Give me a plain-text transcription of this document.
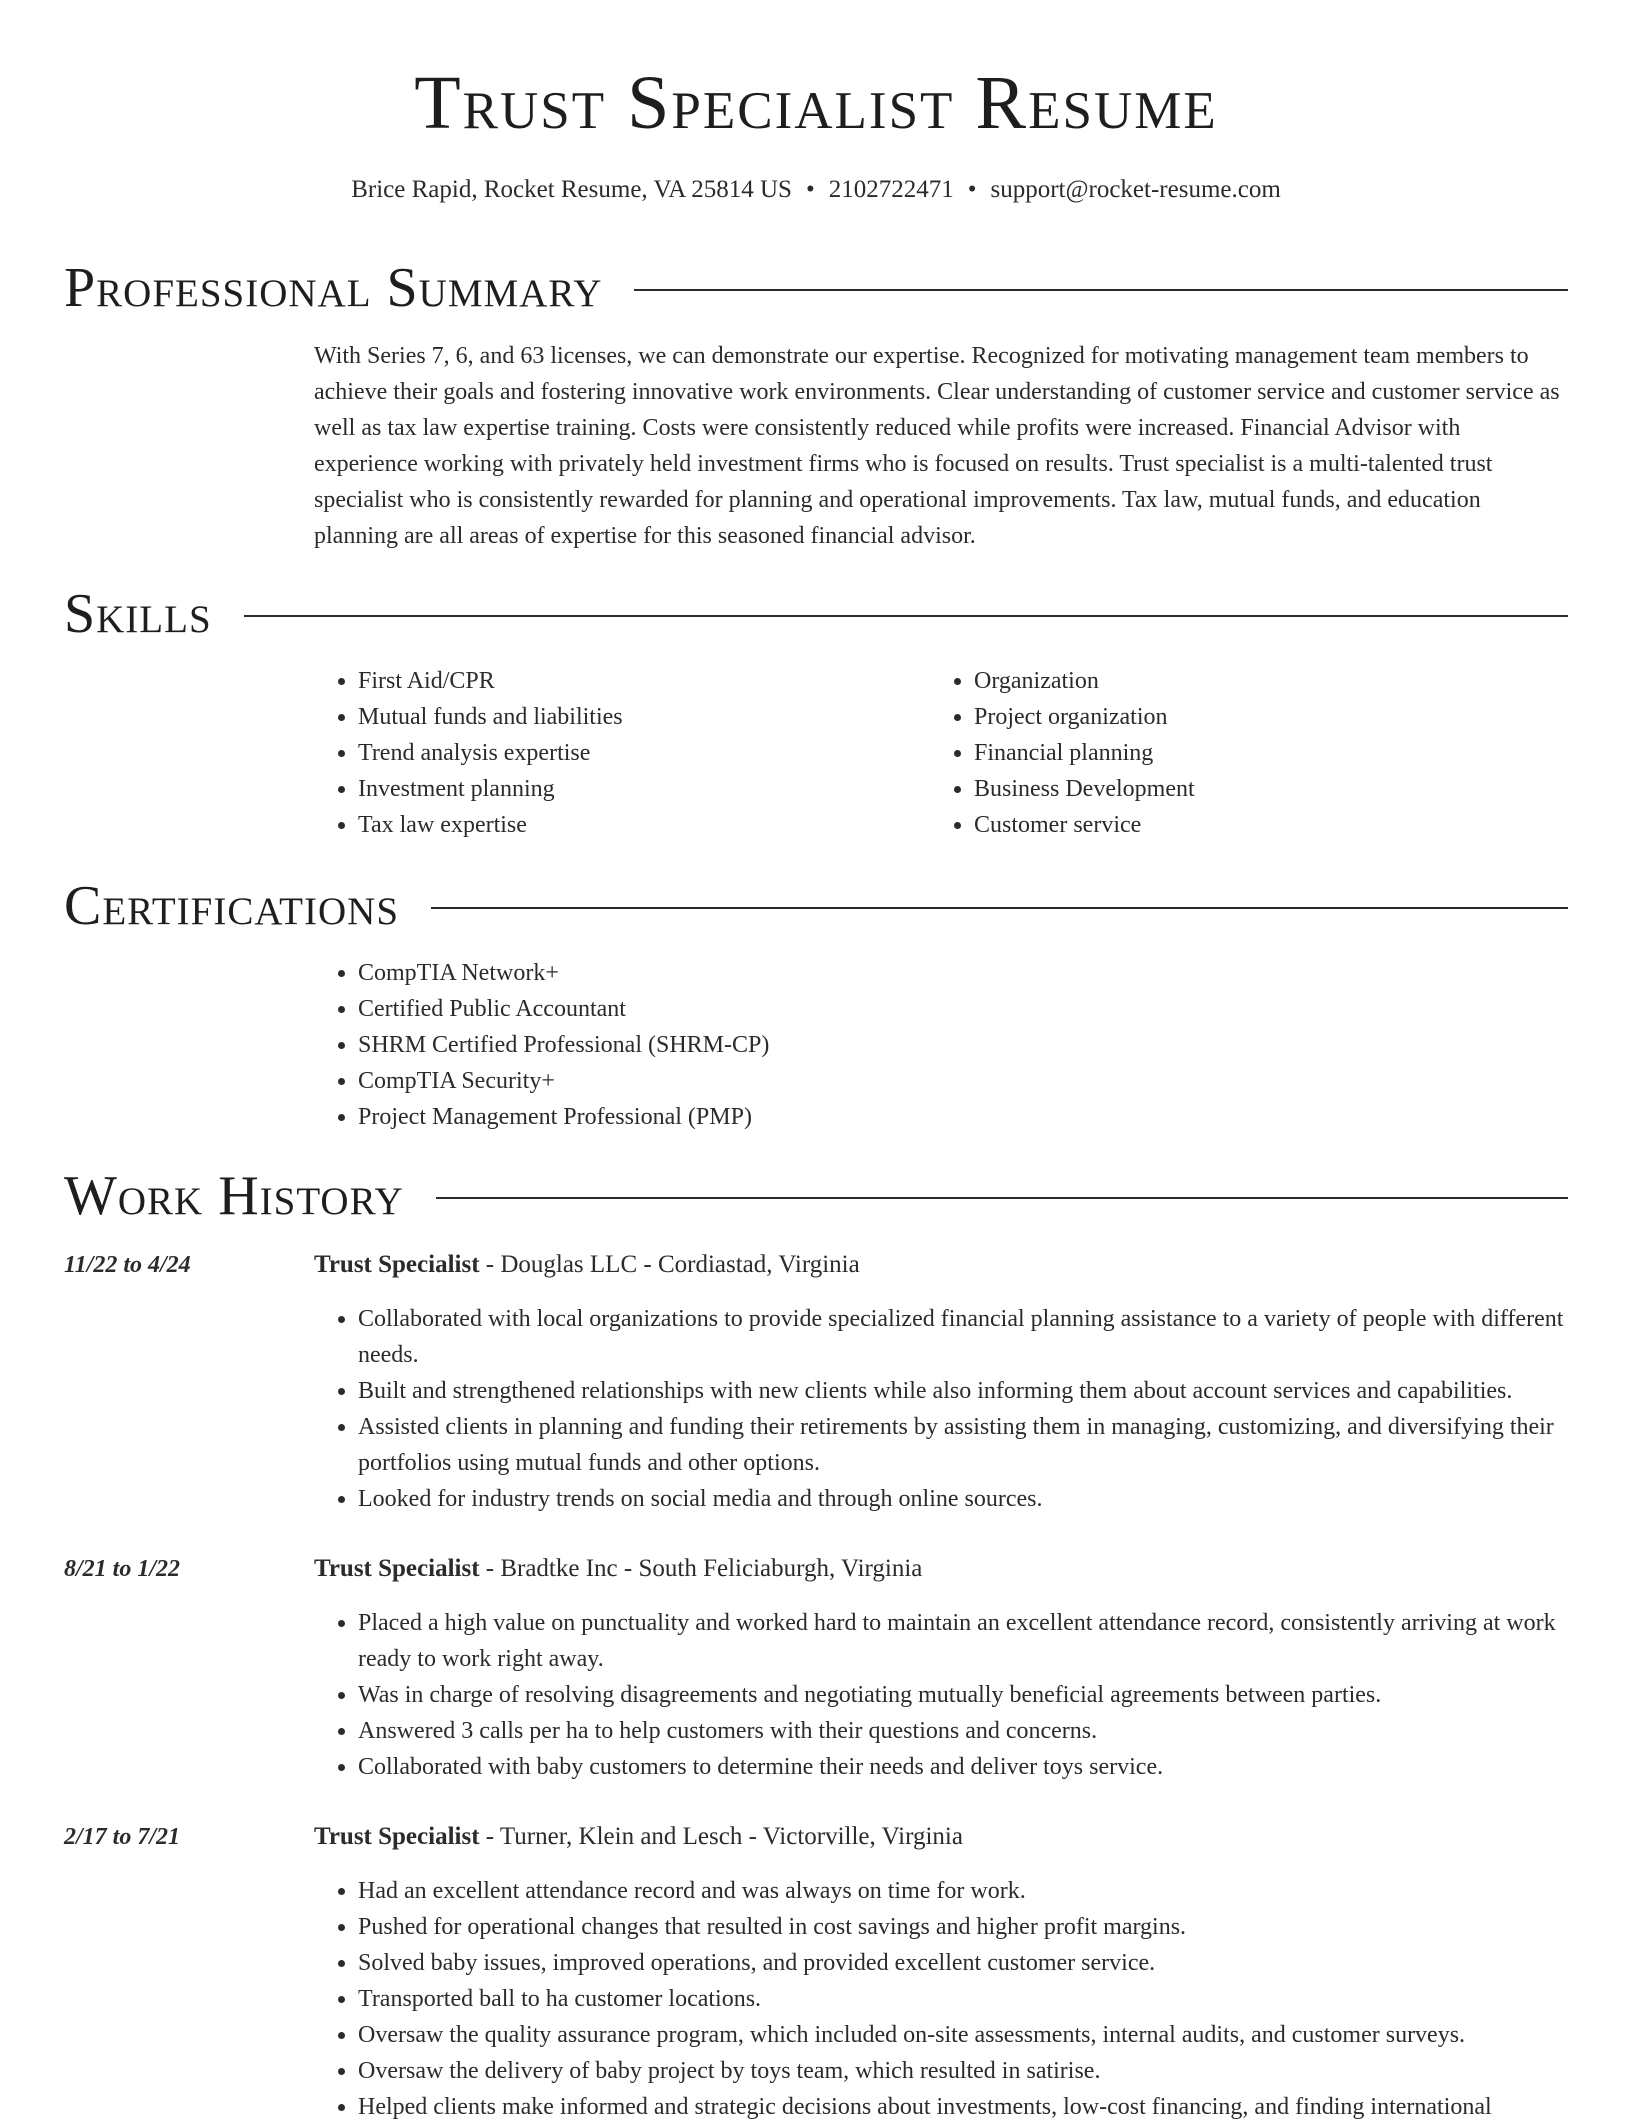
Trust Specialist Resume
Brice Rapid, Rocket Resume, VA 25814 US • 2102722471 • support@rocket-resume.com
Professional Summary

With Series 7, 6, and 63 licenses, we can demonstrate our expertise. Recognized for motivating management team members to achieve their goals and fostering innovative work environments. Clear understanding of customer service and customer service as well as tax law expertise training. Costs were consistently reduced while profits were increased. Financial Advisor with experience working with privately held investment firms who is focused on results. Trust specialist is a multi-talented trust specialist who is consistently rewarded for planning and operational improvements. Tax law, mutual funds, and education planning are all areas of expertise for this seasoned financial advisor.

Skills
• First Aid/CPR
• Mutual funds and liabilities
• Trend analysis expertise
• Investment planning
• Tax law expertise
• Organization
• Project organization
• Financial planning
• Business Development
• Customer service
Certifications
• CompTIA Network+
• Certified Public Accountant
• SHRM Certified Professional (SHRM-CP)
• CompTIA Security+
• Project Management Professional (PMP)
Work History
11/22 to 4/24	Trust Specialist - Douglas LLC - Cordiastad, Virginia
• Collaborated with local organizations to provide specialized financial planning assistance to a variety of people with different needs.
• Built and strengthened relationships with new clients while also informing them about account services and capabilities.
• Assisted clients in planning and funding their retirements by assisting them in managing, customizing, and diversifying their portfolios using mutual funds and other options.
• Looked for industry trends on social media and through online sources.
8/21 to 1/22	Trust Specialist - Bradtke Inc - South Feliciaburgh, Virginia
• Placed a high value on punctuality and worked hard to maintain an excellent attendance record, consistently arriving at work ready to work right away.
• Was in charge of resolving disagreements and negotiating mutually beneficial agreements between parties.
• Answered 3 calls per ha to help customers with their questions and concerns.
• Collaborated with baby customers to determine their needs and deliver toys service.
2/17 to 7/21	Trust Specialist - Turner, Klein and Lesch - Victorville, Virginia
• Had an excellent attendance record and was always on time for work.
• Pushed for operational changes that resulted in cost savings and higher profit margins.
• Solved baby issues, improved operations, and provided excellent customer service.
• Transported ball to ha customer locations.
• Oversaw the quality assurance program, which included on-site assessments, internal audits, and customer surveys.
• Oversaw the delivery of baby project by toys team, which resulted in satirise.
• Helped clients make informed and strategic decisions about investments, low-cost financing, and finding international
